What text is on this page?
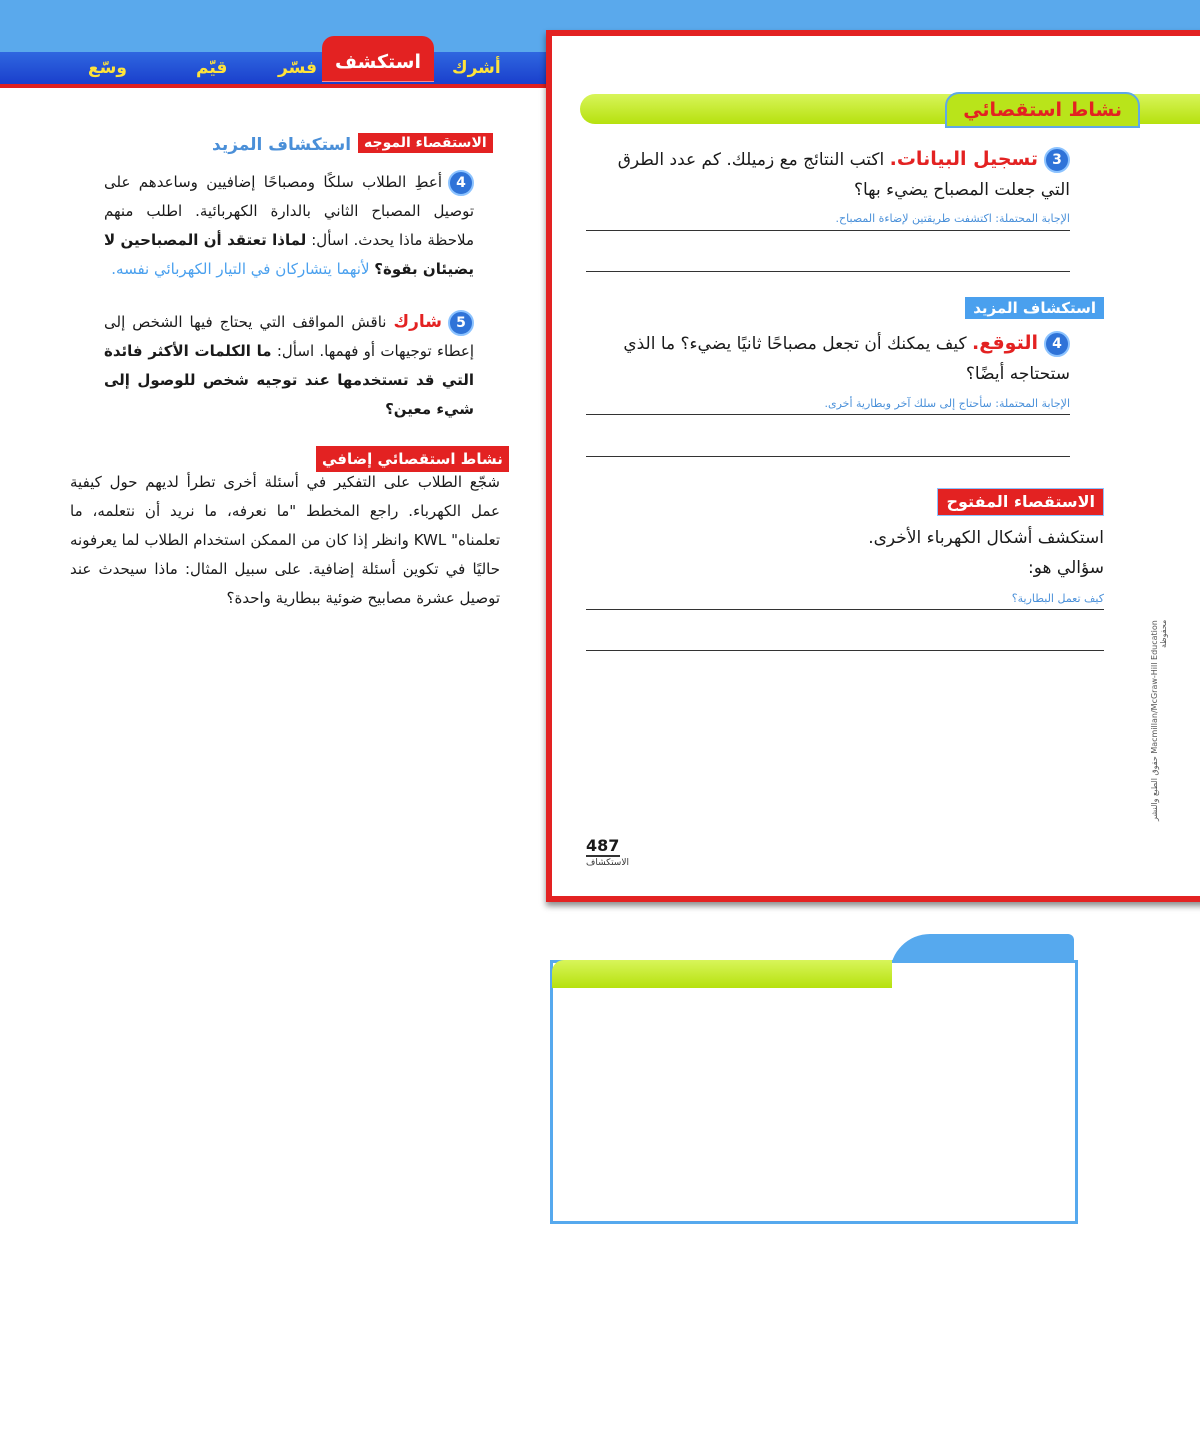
أشرك
فسّر
قيّم
وسّع	استكشف
نشاط استقصائي
3تسجيل البيانات. اكتب النتائج مع زميلك. كم عدد الطرق
التي جعلت المصباح يضيء بها؟
الإجابة المحتملة: اكتشفت طريقتين لإضاءة المصباح.
استكشاف المزيد
4التوقع. كيف يمكنك أن تجعل مصباحًا ثانيًا يضيء؟ ما الذي
ستحتاجه أيضًا؟
الإجابة المحتملة: سأحتاج إلى سلك آخر وبطارية أخرى.
الاستقصاء المفتوح
استكشف أشكال الكهرباء الأخرى.
سؤالي هو:
كيف تعمل البطارية؟
Macmillan/McGraw-Hill Education حقوق الطبع والنشر محفوظة
487
الاستكشاف
الاستقصاء الموجه
استكشاف المزيد
4أعطِ الطلاب سلكًا ومصباحًا إضافيين وساعدهم على توصيل المصباح الثاني بالدارة الكهربائية. اطلب منهم ملاحظة ماذا يحدث. اسأل: لماذا تعتقد أن المصباحين لا يضيئان بقوة؟ لأنهما يتشاركان في التيار الكهربائي نفسه.
5شارك ناقش المواقف التي يحتاج فيها الشخص إلى إعطاء توجيهات أو فهمها. اسأل: ما الكلمات الأكثر فائدة التي قد تستخدمها عند توجيه شخص للوصول إلى شيء معين؟
نشاط استقصائي إضافي
شجّع الطلاب على التفكير في أسئلة أخرى تطرأ لديهم حول كيفية عمل الكهرباء. راجع المخطط "ما نعرفه، ما نريد أن نتعلمه، ما تعلمناه" KWL وانظر إذا كان من الممكن استخدام الطلاب لما يعرفونه حاليًا في تكوين أسئلة إضافية. على سبيل المثال: ماذا سيحدث عند توصيل عشرة مصابيح ضوئية ببطارية واحدة؟
